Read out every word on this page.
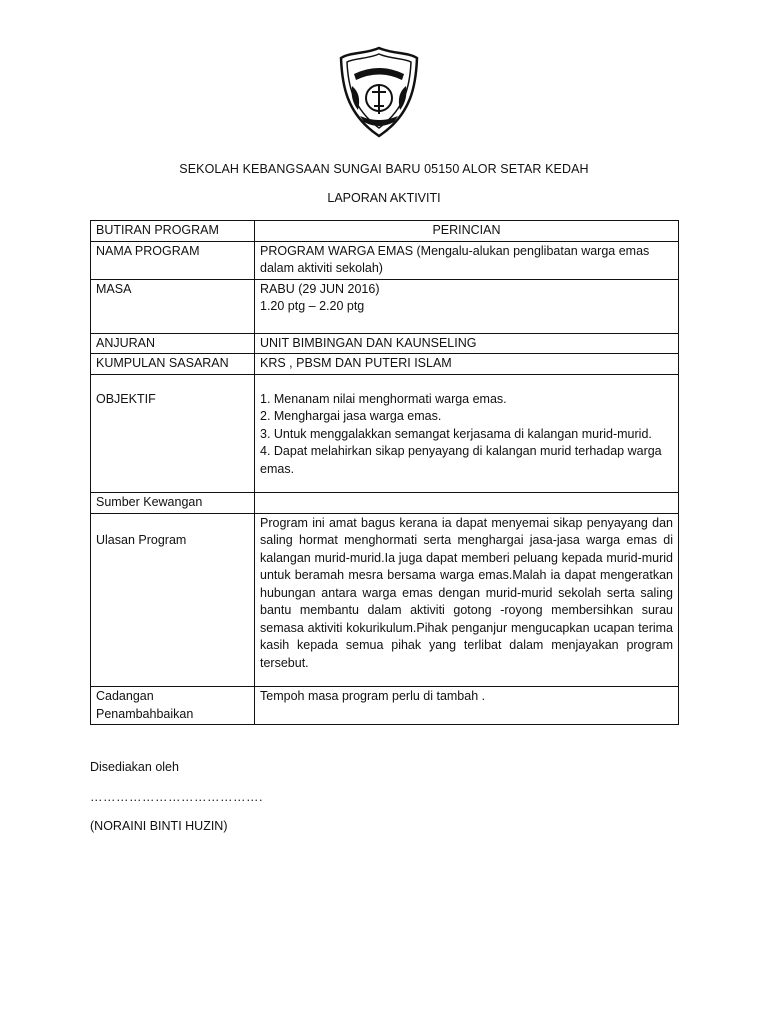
SEKOLAH KEBANGSAAN SUNGAI BARU 05150 ALOR SETAR KEDAH
LAPORAN AKTIVITI
BUTIRAN PROGRAM	PERINCIAN
NAMA PROGRAM	PROGRAM WARGA EMAS (Mengalu-alukan penglibatan warga emas
dalam aktiviti sekolah)

MASA	RABU (29 JUN 2016)
1.20 ptg – 2.20 ptg

ANJURAN	UNIT BIMBINGAN DAN KAUNSELING
KUMPULAN SASARAN	KRS , PBSM DAN PUTERI ISLAM
OBJEKTIF	1. Menanam nilai menghormati warga emas.
2. Menghargai jasa warga emas.
3. Untuk menggalakkan semangat kerjasama di kalangan murid-murid.
4. Dapat melahirkan sikap penyayang di kalangan murid terhadap warga
emas.

Sumber Kewangan	
Ulasan Program	Program ini amat bagus kerana ia dapat menyemai sikap penyayang dan saling hormat menghormati serta menghargai jasa-jasa warga emas di kalangan murid-murid.Ia juga dapat memberi peluang kepada murid-murid untuk beramah mesra bersama warga emas.Malah ia dapat mengeratkan hubungan antara warga emas dengan murid-murid sekolah serta saling bantu membantu dalam aktiviti gotong -royong membersihkan surau semasa aktiviti kokurikulum.Pihak penganjur mengucapkan ucapan terima kasih kepada semua pihak yang terlibat dalam menjayakan program tersebut.
Cadangan Penambahbaikan	Tempoh masa program perlu di tambah .
Disediakan oleh
………………………………….
(NORAINI BINTI HUZIN)
